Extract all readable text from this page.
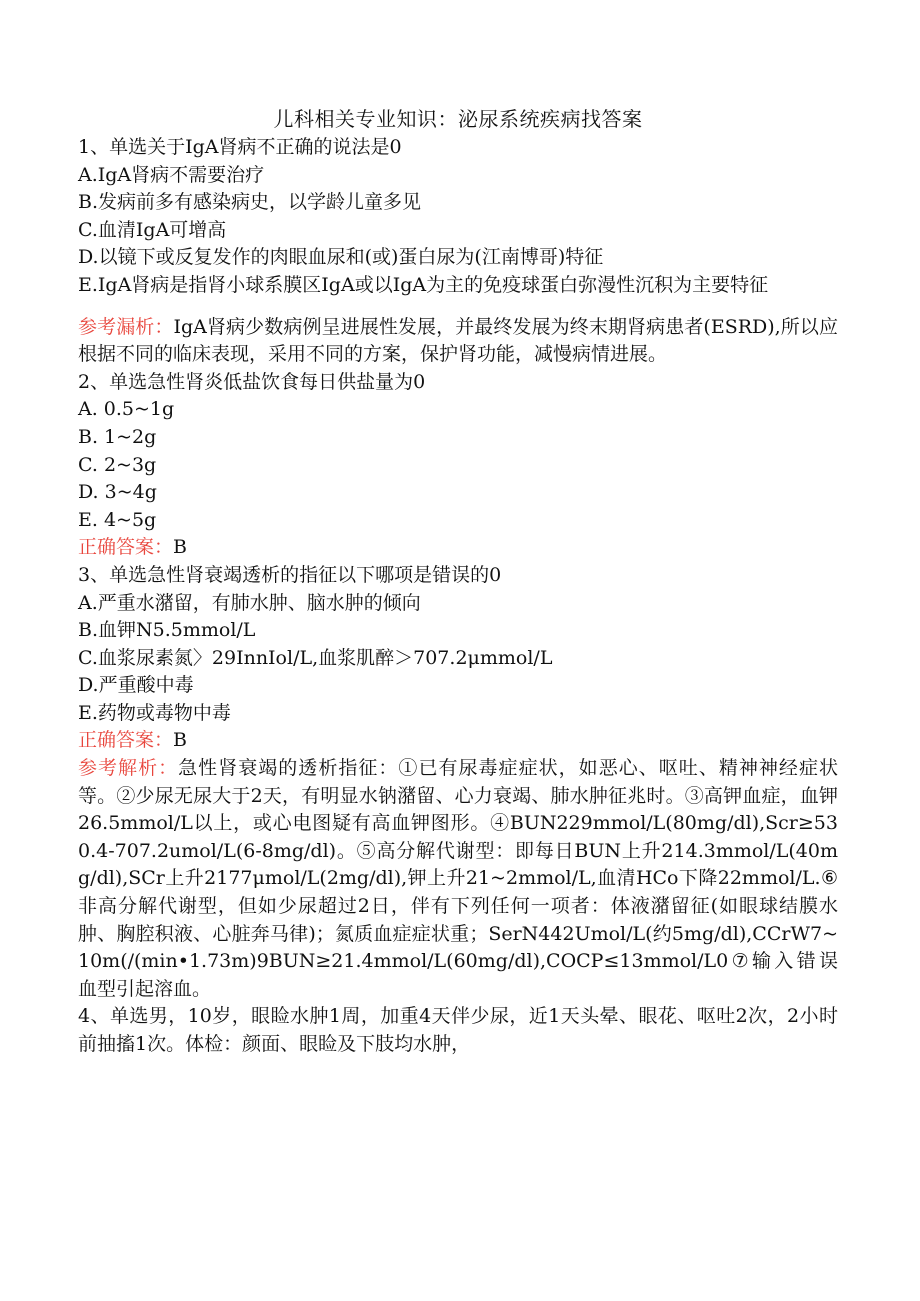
儿科相关专业知识：泌尿系统疾病找答案
1、单选关于IgA肾病不正确的说法是0
A.IgA肾病不需要治疗
B.发病前多有感染病史，以学龄儿童多见
C.血清IgA可增高
D.以镜下或反复发作的肉眼血尿和(或)蛋白尿为(江南博哥)特征
E.IgA肾病是指肾小球系膜区IgA或以IgA为主的免疫球蛋白弥漫性沉积为主要特征
参考漏析：IgA肾病少数病例呈进展性发展，并最终发展为终末期肾病患者(ESRD),所以应根据不同的临床表现，采用不同的方案，保护肾功能，减慢病情进展。
2、单选急性肾炎低盐饮食每日供盐量为0
A. 0.5~1g
B. 1~2g
C. 2~3g
D. 3~4g
E. 4~5g
正确答案：B
3、单选急性肾衰竭透析的指征以下哪项是错误的0
A.严重水潴留，有肺水肿、脑水肿的倾向
B.血钾N5.5mmol/L
C.血浆尿素氮〉29InnIol/L,血浆肌醉＞707.2μmmol/L
D.严重酸中毒
E.药物或毒物中毒
正确答案：B
参考解析：急性肾衰竭的透析指征：①已有尿毒症症状，如恶心、呕吐、精神神经症状等。②少尿无尿大于2天，有明显水钠潴留、心力衰竭、肺水肿征兆时。③高钾血症，血钾26.5mmol/L以上，或心电图疑有高血钾图形。④BUN229mmol/L(80mg/dl),Scr≥530.4-707.2umol/L(6-8mg/dl)。⑤高分解代谢型：即每日BUN上升214.3mmol/L(40mg/dl),SCr上升2177μmol/L(2mg/dl),钾上升21~2mmol/L,血清HCo下降22mmol/L.⑥非高分解代谢型，但如少尿超过2日，伴有下列任何一项者：体液潴留征(如眼球结膜水肿、胸腔积液、心脏奔马律)；氮质血症症状重；SerN442Umol/L(约5mg/dl),CCrW7~10m(/(min•1.73m)9BUN≥21.4mmol/L(60mg/dl),COCP≤13mmol/L0⑦输入错误血型引起溶血。
4、单选男，10岁，眼睑水肿1周，加重4天伴少尿，近1天头晕、眼花、呕吐2次，2小时前抽搐1次。体检：颜面、眼睑及下肢均水肿，
